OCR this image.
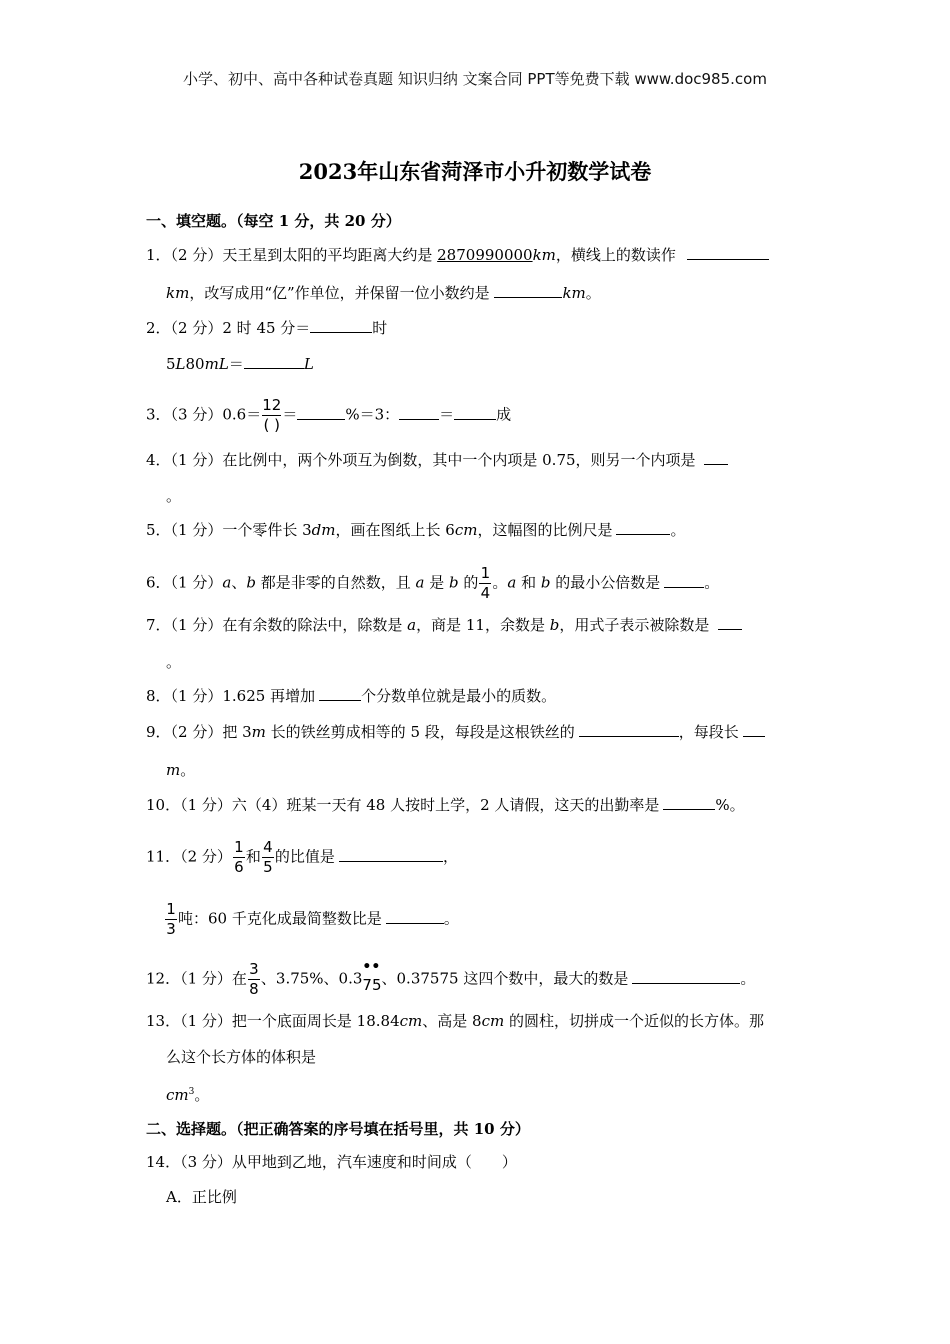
小学、初中、高中各种试卷真题 知识归纳 文案合同 PPT等免费下载 www.doc985.com
2023年山东省菏泽市小升初数学试卷
一、填空题。（每空 1 分，共 20 分）
1．（2 分）天王星到太阳的平均距离大约是 2870990000km，横线上的数读作
km，改写成用“亿”作单位，并保留一位小数约是	km。
2．（2 分）2 时 45 分＝	时
5L80mL＝	L
3．（3 分）$0.6= \frac{12}{( )}$ ＝	%＝3：	＝	成
4．（1 分）在比例中，两个外项互为倒数，其中一个内项是 0.75，则另一个内项是
。
5．（1 分）一个零件长 3dm，画在图纸上长 6cm，这幅图的比例尺是	。
6．（1 分）a、b 都是非零的自然数，且 a 是 b 的 $\frac{1}{4}$ 。a 和 b 的最小公倍数是	。
7．（1 分）在有余数的除法中，除数是 a，商是 11，余数是 b，用式子表示被除数是
。
8．（1 分）1.625 再增加	个分数单位就是最小的质数。
9．（2 分）把 3m 长的铁丝剪成相等的 5 段，每段是这根铁丝的	，每段长
m。
10．（1 分）六（4）班某一天有 48 人按时上学，2 人请假，这天的出勤率是	%。
11．（2 分） $\frac{1}{6}$ 和 $\frac{4}{5}$ 的比值是	，
$\frac{1}{3}$ 吨：60 千克化成最简整数比是	。
12．（1 分）在 $\frac{3}{8}$ 、3.75%、0.3
• •
75、0.37575 这四个数中，最大的数是	。
13．（1 分）把一个底面周长是 18.84cm、高是 8cm 的圆柱，切拼成一个近似的长方体。那
么这个长方体的体积是
$cm^3$。
二、选择题。（把正确答案的序号填在括号里，共 10 分）
14．（3 分）从甲地到乙地，汽车速度和时间成（　　）
A．正比例
